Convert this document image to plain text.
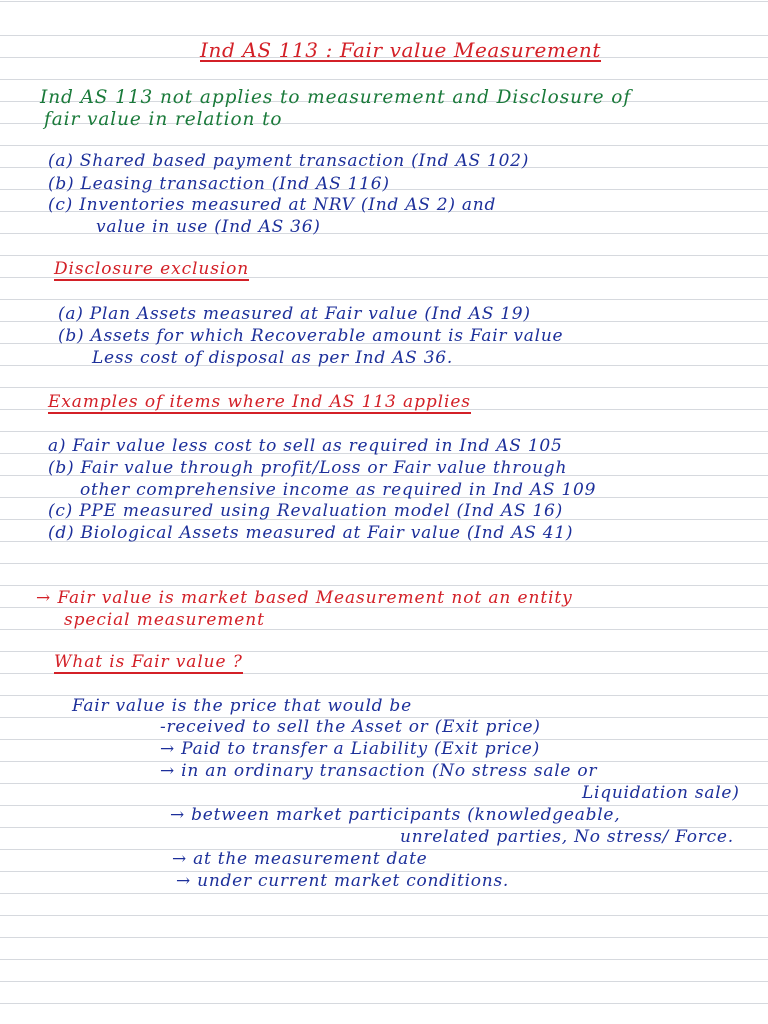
Ind AS 113 : Fair value Measurement
Ind AS 113 not applies to measurement and Disclosure of
fair value in relation to
(a) Shared based payment transaction (Ind AS 102)
(b) Leasing transaction (Ind AS 116)
(c) Inventories measured at NRV (Ind AS 2) and
value in use (Ind AS 36)
Disclosure exclusion
(a) Plan Assets measured at Fair value (Ind AS 19)
(b) Assets for which Recoverable amount is Fair value
Less cost of disposal as per Ind AS 36.
Examples of items where Ind AS 113 applies
a) Fair value less cost to sell as required in Ind AS 105
(b) Fair value through profit/Loss or Fair value through
other comprehensive income as required in Ind AS 109
(c) PPE measured using Revaluation model (Ind AS 16)
(d) Biological Assets measured at Fair value (Ind AS 41)
→ Fair value is market based Measurement not an entity
special measurement
What is Fair value ?
Fair value is the price that would be
-received to sell the Asset or (Exit price)
→ Paid to transfer a Liability (Exit price)
→ in an ordinary transaction (No stress sale or
Liquidation sale)
→ between market participants (knowledgeable,
unrelated parties, No stress/ Force.
→ at the measurement date
→ under current market conditions.
